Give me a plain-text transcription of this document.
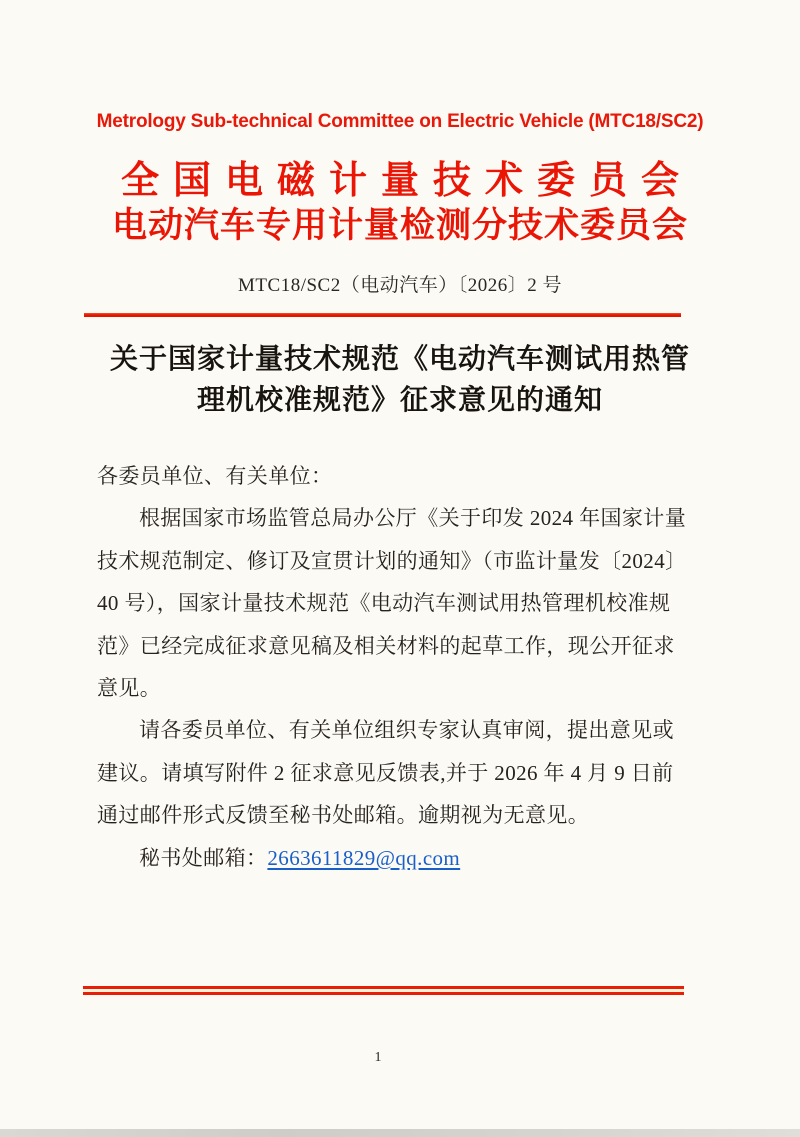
Metrology Sub-technical Committee on Electric Vehicle (MTC18/SC2)
全国电磁计量技术委员会
电动汽车专用计量检测分技术委员会
MTC18/SC2（电动汽车）〔2026〕2 号
关于国家计量技术规范《电动汽车测试用热管
理机校准规范》征求意见的通知
各委员单位、有关单位：
根据国家市场监管总局办公厅《关于印发 2024 年国家计量
技术规范制定、修订及宣贯计划的通知》（市监计量发〔2024〕
40 号），国家计量技术规范《电动汽车测试用热管理机校准规
范》已经完成征求意见稿及相关材料的起草工作，现公开征求
意见。
请各委员单位、有关单位组织专家认真审阅，提出意见或
建议。请填写附件 2 征求意见反馈表,并于 2026 年 4 月 9 日前
通过邮件形式反馈至秘书处邮箱。逾期视为无意见。
秘书处邮箱：2663611829@qq.com
1
